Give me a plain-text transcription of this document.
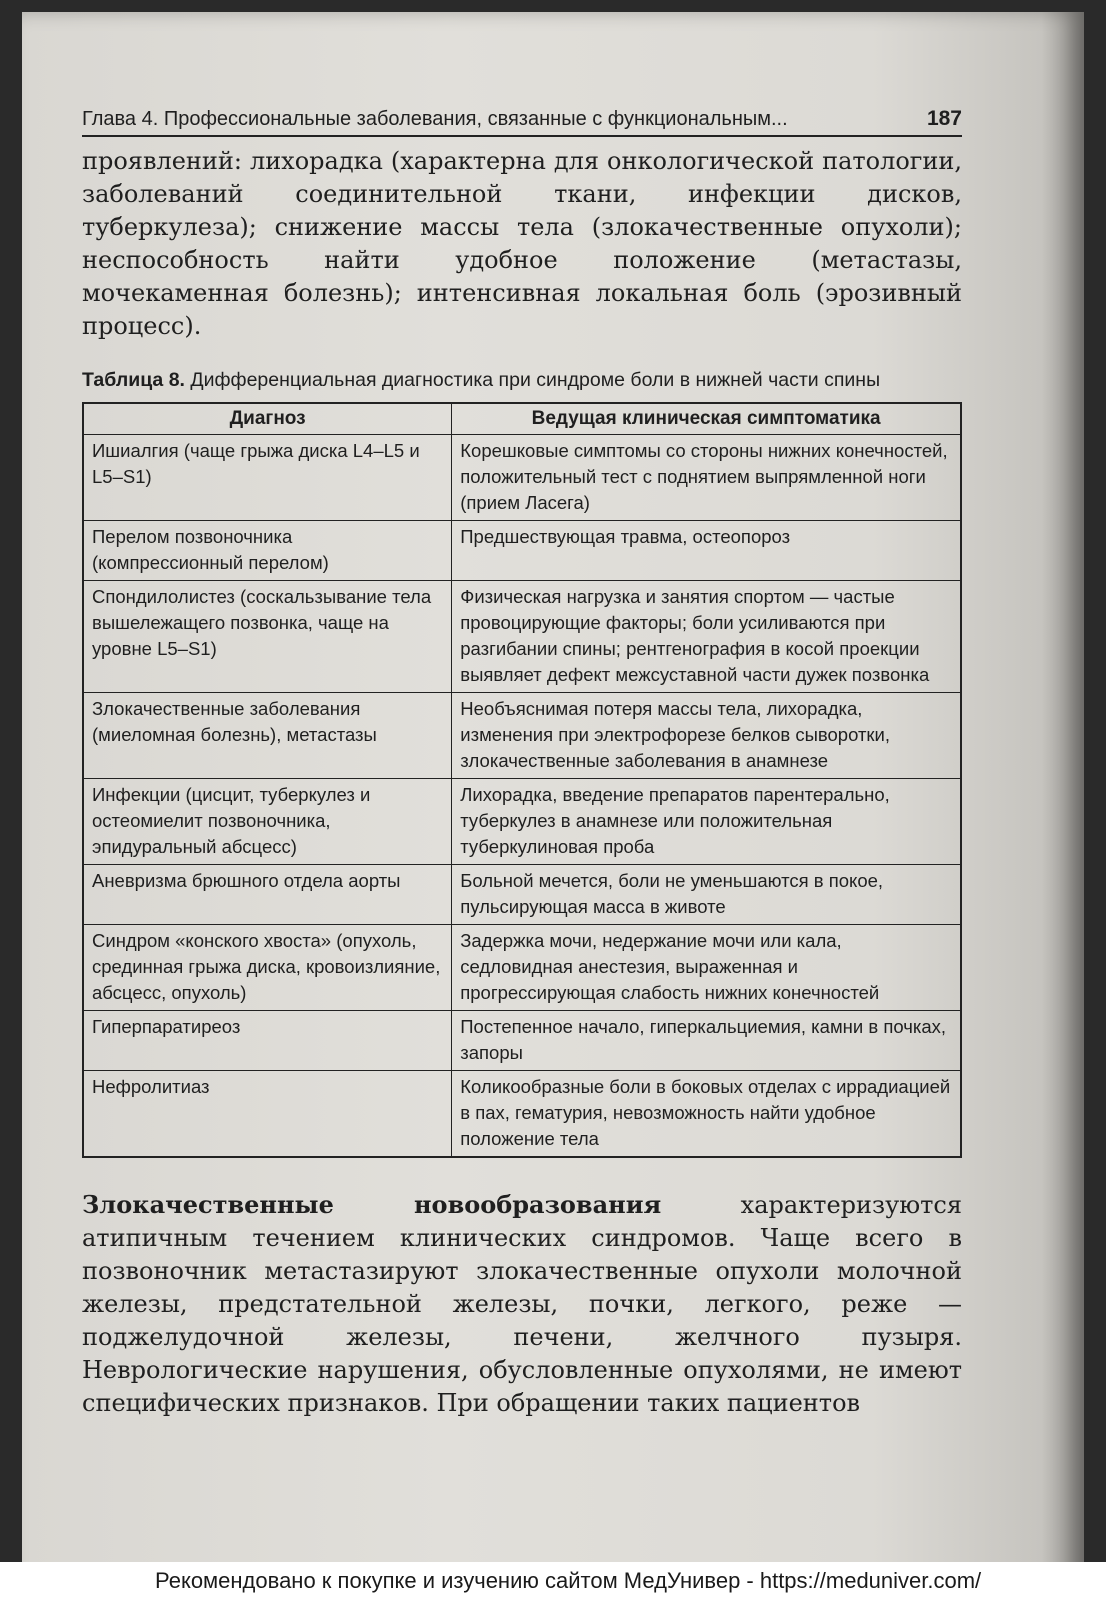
Глава 4. Профессиональные заболевания, связанные с функциональным...	187

проявлений: лихорадка (характерна для онкологической патологии, заболеваний соединительной ткани, инфекции дисков, туберкулеза); снижение массы тела (злокачественные опухоли); неспособность найти удобное положение (метастазы, мочекаменная болезнь); интенсивная локальная боль (эрозивный процесс).

Таблица 8. Дифференциальная диагностика при синдроме боли в нижней части спины
Диагноз	Ведущая клиническая симптоматика
Ишиалгия (чаще грыжа диска L4–L5 и L5–S1)	Корешковые симптомы со стороны нижних конечностей, положительный тест с поднятием выпрямленной ноги (прием Ласега)
Перелом позвоночника (компрессионный перелом)	Предшествующая травма, остеопороз
Спондилолистез (соскальзывание тела вышележащего позвонка, чаще на уровне L5–S1)	Физическая нагрузка и занятия спортом — частые провоцирующие факторы; боли усиливаются при разгибании спины; рентгенография в косой проекции выявляет дефект межсуставной части дужек позвонка
Злокачественные заболевания (миеломная болезнь), метастазы	Необъяснимая потеря массы тела, лихорадка, изменения при электрофорезе белков сыворотки, злокачественные заболевания в анамнезе
Инфекции (цисцит, туберкулез и остеомиелит позвоночника, эпидуральный абсцесс)	Лихорадка, введение препаратов парентерально, туберкулез в анамнезе или положительная туберкулиновая проба
Аневризма брюшного отдела аорты	Больной мечется, боли не уменьшаются в покое, пульсирующая масса в животе
Синдром «конского хвоста» (опухоль, срединная грыжа диска, кровоизлияние, абсцесс, опухоль)	Задержка мочи, недержание мочи или кала, седловидная анестезия, выраженная и прогрессирующая слабость нижних конечностей
Гиперпаратиреоз	Постепенное начало, гиперкальциемия, камни в почках, запоры
Нефролитиаз	Коликообразные боли в боковых отделах с иррадиацией в пах, гематурия, невозможность найти удобное положение тела

Злокачественные новообразования характеризуются атипичным течением клинических синдромов. Чаще всего в позвоночник метастазируют злокачественные опухоли молочной железы, предстательной железы, почки, легкого, реже — поджелудочной железы, печени, желчного пузыря. Неврологические нарушения, обусловленные опухолями, не имеют специфических признаков. При обращении таких пациентов

Рекомендовано к покупке и изучению сайтом МедУнивер - https://meduniver.com/
